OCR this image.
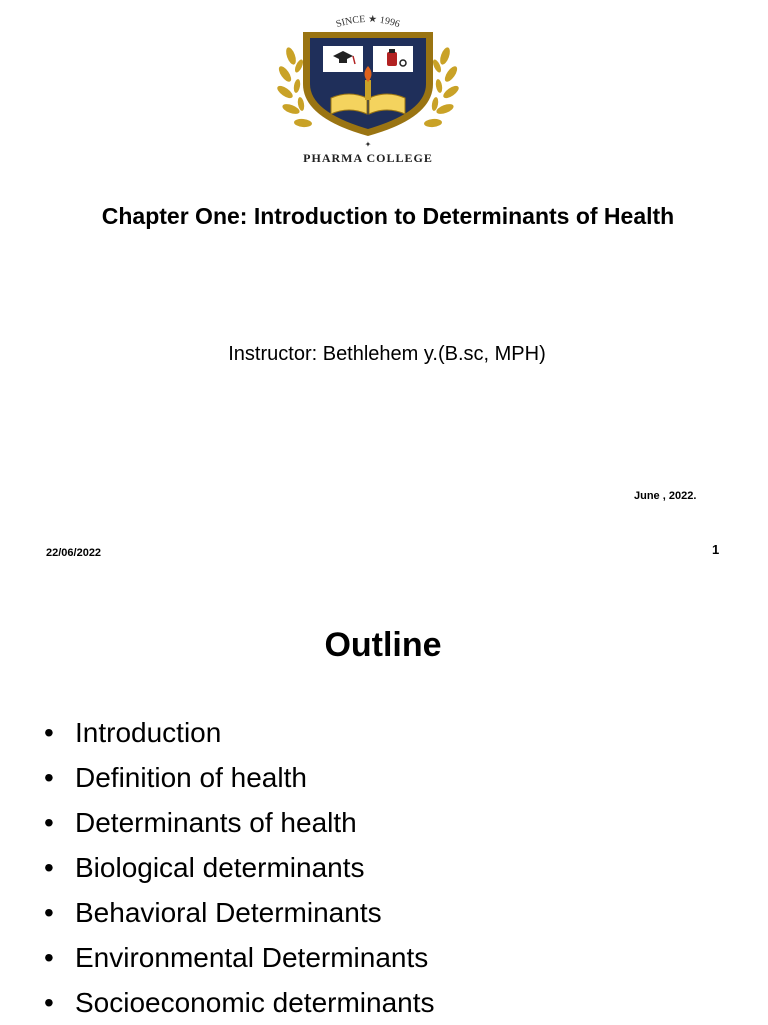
SINCE ★ 1996
✦
PHARMA COLLEGE
Chapter One: Introduction to Determinants of Health
Instructor: Bethlehem y.(B.sc, MPH)
June , 2022.
22/06/2022	1
Outline
• Introduction
• Definition of health
• Determinants of health
• Biological determinants
• Behavioral Determinants
• Environmental Determinants
• Socioeconomic determinants
